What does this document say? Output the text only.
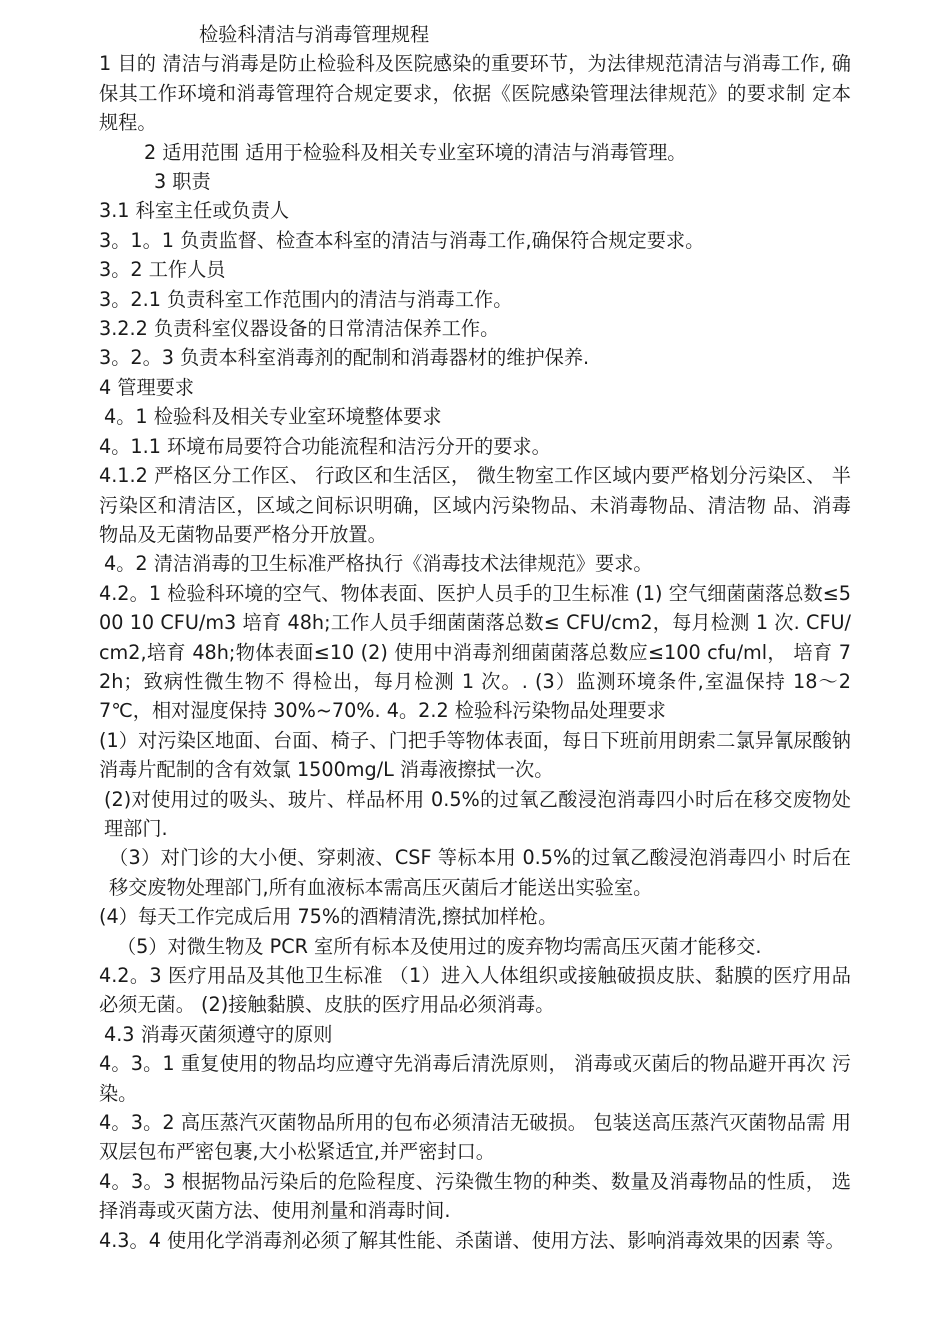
检验科清洁与消毒管理规程

1 目的 清洁与消毒是防止检验科及医院感染的重要环节，为法律规范清洁与消毒工作, 确保其工作环境和消毒管理符合规定要求，依据《医院感染管理法律规范》的要求制 定本规程。

2 适用范围 适用于检验科及相关专业室环境的清洁与消毒管理。

3 职责

3.1 科室主任或负责人

3。1。1 负责监督、检查本科室的清洁与消毒工作,确保符合规定要求。

3。2 工作人员

3。2.1 负责科室工作范围内的清洁与消毒工作。

3.2.2 负责科室仪器设备的日常清洁保养工作。

3。2。3 负责本科室消毒剂的配制和消毒器材的维护保养.

4 管理要求

4。1 检验科及相关专业室环境整体要求

4。1.1 环境布局要符合功能流程和洁污分开的要求。

4.1.2 严格区分工作区、 行政区和生活区， 微生物室工作区域内要严格划分污染区、 半污染区和清洁区，区域之间标识明确，区域内污染物品、未消毒物品、清洁物 品、消毒物品及无菌物品要严格分开放置。

4。2 清洁消毒的卫生标准严格执行《消毒技术法律规范》要求。

4.2。1 检验科环境的空气、物体表面、医护人员手的卫生标准 (1) 空气细菌菌落总数≤500 10 CFU/m3 培育 48h;工作人员手细菌菌落总数≤ CFU/cm2，每月检测 1 次. CFU/cm2,培育 48h;物体表面≤10 (2) 使用中消毒剂细菌菌落总数应≤100 cfu/ml， 培育 72h；致病性微生物不 得检出，每月检测 1 次。. (3）监测环境条件,室温保持 18～27℃，相对湿度保持 30%~70%. 4。2.2 检验科污染物品处理要求

(1）对污染区地面、台面、椅子、门把手等物体表面，每日下班前用朗索二氯异氰尿酸钠消毒片配制的含有效氯 1500mg/L 消毒液擦拭一次。

(2)对使用过的吸头、玻片、样品杯用 0.5%的过氧乙酸浸泡消毒四小时后在移交废物处理部门.

（3）对门诊的大小便、穿刺液、CSF 等标本用 0.5%的过氧乙酸浸泡消毒四小 时后在移交废物处理部门,所有血液标本需高压灭菌后才能送出实验室。

(4）每天工作完成后用 75%的酒精清洗,擦拭加样枪。

（5）对微生物及 PCR 室所有标本及使用过的废弃物均需高压灭菌才能移交.

4.2。3 医疗用品及其他卫生标准 （1）进入人体组织或接触破损皮肤、黏膜的医疗用品必须无菌。 (2)接触黏膜、皮肤的医疗用品必须消毒。

4.3 消毒灭菌须遵守的原则

4。3。1 重复使用的物品均应遵守先消毒后清洗原则， 消毒或灭菌后的物品避开再次 污染。

4。3。2 高压蒸汽灭菌物品所用的包布必须清洁无破损。 包装送高压蒸汽灭菌物品需 用双层包布严密包裹,大小松紧适宜,并严密封口。

4。3。3 根据物品污染后的危险程度、污染微生物的种类、数量及消毒物品的性质， 选择消毒或灭菌方法、使用剂量和消毒时间.

4.3。4 使用化学消毒剂必须了解其性能、杀菌谱、使用方法、影响消毒效果的因素 等。
